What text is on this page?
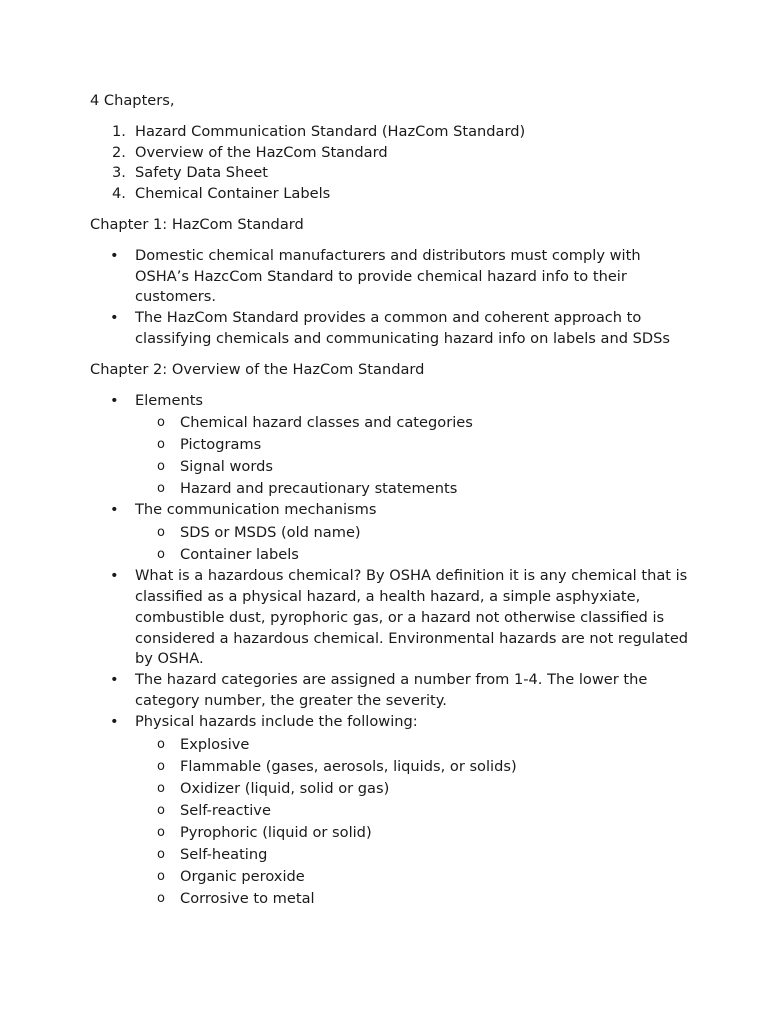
4 Chapters,

1. Hazard Communication Standard (HazCom Standard)
2. Overview of the HazCom Standard
3. Safety Data Sheet
4. Chemical Container Labels

Chapter 1: HazCom Standard

• Domestic chemical manufacturers and distributors must comply with OSHA’s HazcCom Standard to provide chemical hazard info to their customers.
• The HazCom Standard provides a common and coherent approach to classifying chemicals and communicating hazard info on labels and SDSs

Chapter 2: Overview of the HazCom Standard

• Elements
o Chemical hazard classes and categories
o Pictograms
o Signal words
o Hazard and precautionary statements
• The communication mechanisms
o SDS or MSDS (old name)
o Container labels
• What is a hazardous chemical? By OSHA definition it is any chemical that is classified as a physical hazard, a health hazard, a simple asphyxiate, combustible dust, pyrophoric gas, or a hazard not otherwise classified is considered a hazardous chemical. Environmental hazards are not regulated by OSHA.
• The hazard categories are assigned a number from 1-4. The lower the category number, the greater the severity.
• Physical hazards include the following:
o Explosive
o Flammable (gases, aerosols, liquids, or solids)
o Oxidizer (liquid, solid or gas)
o Self-reactive
o Pyrophoric (liquid or solid)
o Self-heating
o Organic peroxide
o Corrosive to metal
